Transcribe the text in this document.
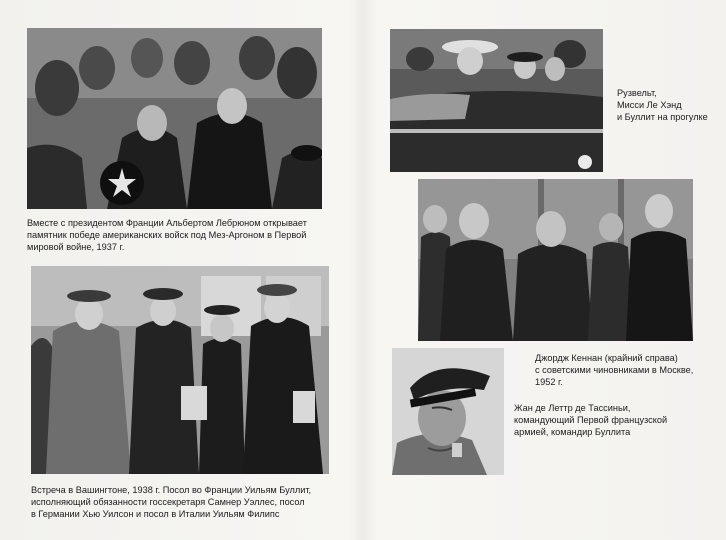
Вместе с президентом Франции Альбертом Лебрюном открывает
памятник победе американских войск под Мез-Аргоном в Первой
мировой войне, 1937 г.
Встреча в Вашингтоне, 1938 г. Посол во Франции Уильям Буллит,
исполняющий обязанности госсекретаря Самнер Уэллес, посол
в Германии Хью Уилсон и посол в Италии Уильям Филипс
Рузвельт,
Мисси Ле Хэнд
и Буллит на прогулке
Джордж Кеннан (крайний справа)
с советскими чиновниками в Москве,
1952 г.
Жан де Леттр де Тассиньи,
командующий Первой французской
армией, командир Буллита
